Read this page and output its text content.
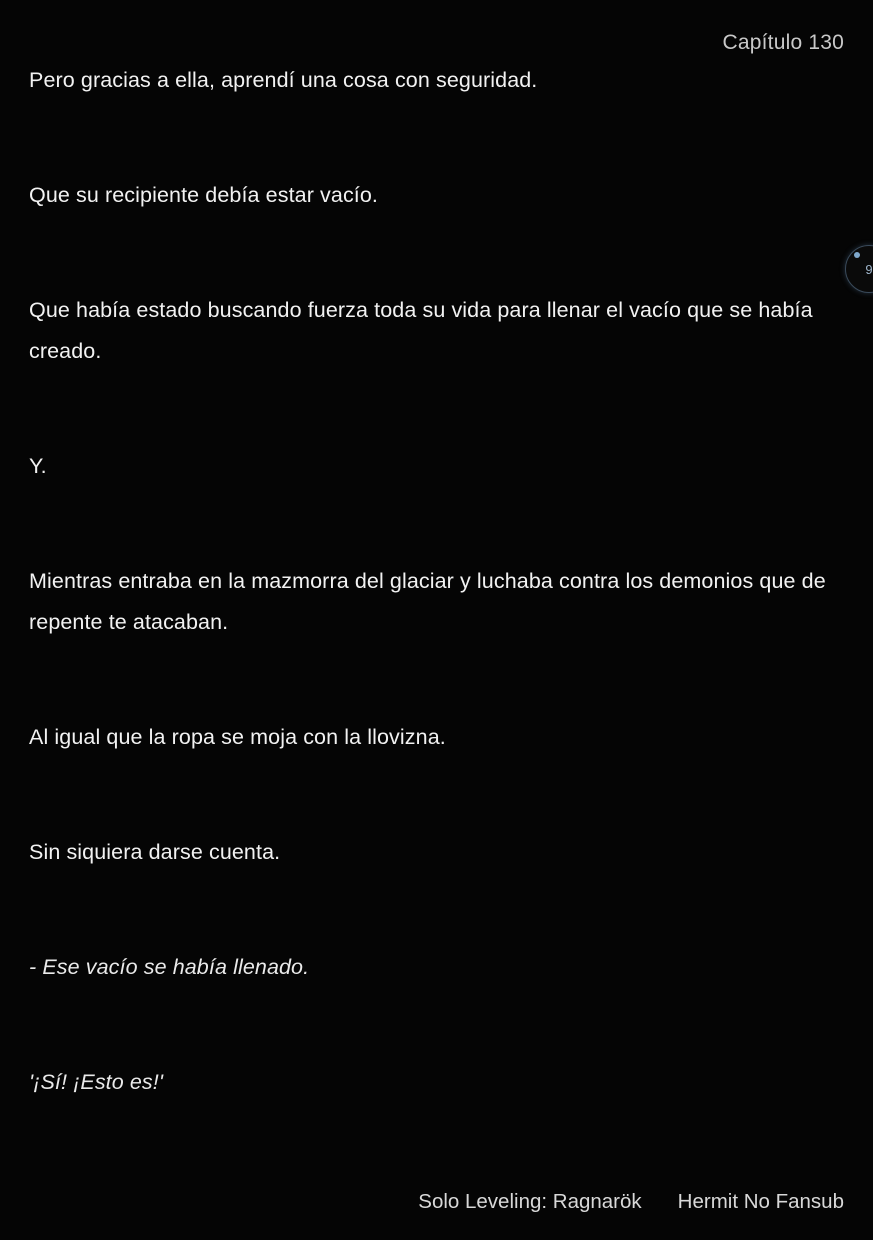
Capítulo 130

Pero gracias a ella, aprendí una cosa con seguridad.

Que su recipiente debía estar vacío.

Que había estado buscando fuerza toda su vida para llenar el vacío que se había creado.

Y.

Mientras entraba en la mazmorra del glaciar y luchaba contra los demonios que de repente te atacaban.

Al igual que la ropa se moja con la llovizna.

Sin siquiera darse cuenta.

- Ese vacío se había llenado.

'¡Sí! ¡Esto es!'

9
Solo Leveling: Ragnarök Hermit No Fansub
